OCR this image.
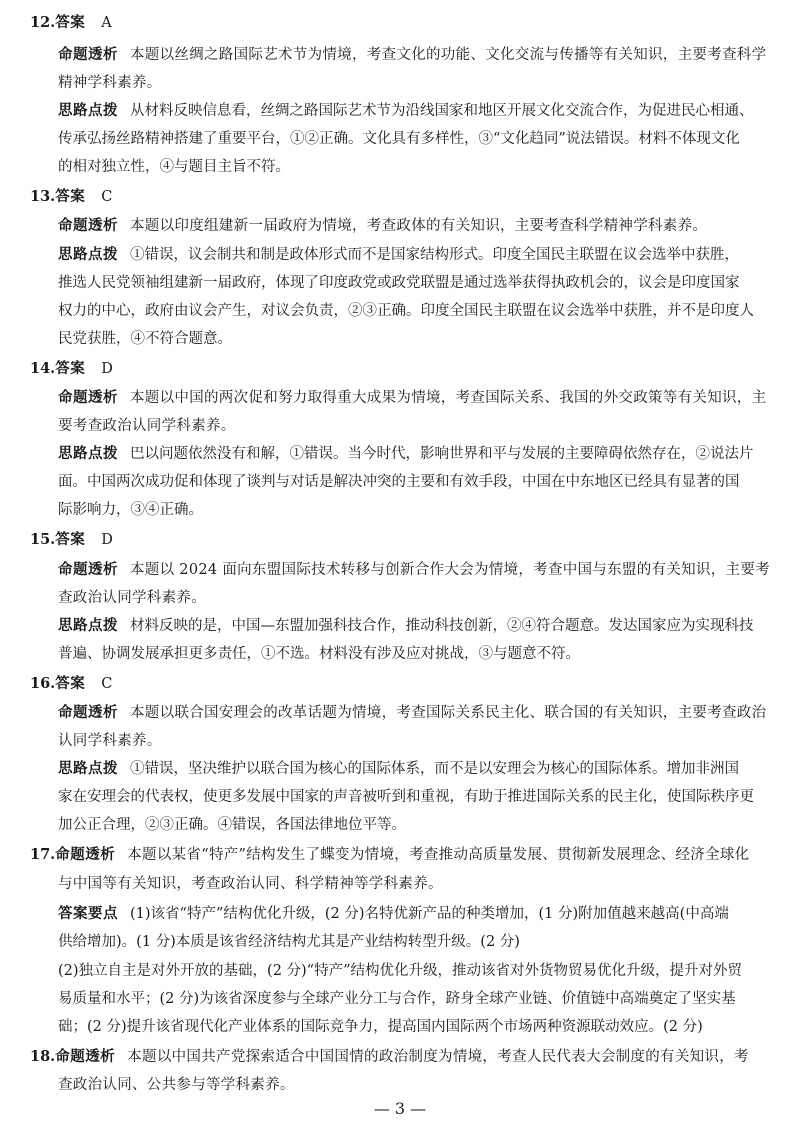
12.答案 A

命题透析 本题以丝绸之路国际艺术节为情境，考查文化的功能、文化交流与传播等有关知识，主要考查科学

精神学科素养。

思路点拨 从材料反映信息看，丝绸之路国际艺术节为沿线国家和地区开展文化交流合作，为促进民心相通、

传承弘扬丝路精神搭建了重要平台，①②正确。文化具有多样性，③“文化趋同”说法错误。材料不体现文化

的相对独立性，④与题目主旨不符。

13.答案 C

命题透析 本题以印度组建新一届政府为情境，考查政体的有关知识，主要考查科学精神学科素养。

思路点拨 ①错误，议会制共和制是政体形式而不是国家结构形式。印度全国民主联盟在议会选举中获胜，

推选人民党领袖组建新一届政府，体现了印度政党或政党联盟是通过选举获得执政机会的，议会是印度国家

权力的中心，政府由议会产生，对议会负责，②③正确。印度全国民主联盟在议会选举中获胜，并不是印度人

民党获胜，④不符合题意。

14.答案 D

命题透析 本题以中国的两次促和努力取得重大成果为情境，考查国际关系、我国的外交政策等有关知识，主

要考查政治认同学科素养。

思路点拨 巴以问题依然没有和解，①错误。当今时代，影响世界和平与发展的主要障碍依然存在，②说法片

面。中国两次成功促和体现了谈判与对话是解决冲突的主要和有效手段，中国在中东地区已经具有显著的国

际影响力，③④正确。

15.答案 D

命题透析 本题以 2024 面向东盟国际技术转移与创新合作大会为情境，考查中国与东盟的有关知识，主要考

查政治认同学科素养。

思路点拨 材料反映的是，中国—东盟加强科技合作，推动科技创新，②④符合题意。发达国家应为实现科技

普遍、协调发展承担更多责任，①不选。材料没有涉及应对挑战，③与题意不符。

16.答案 C

命题透析 本题以联合国安理会的改革话题为情境，考查国际关系民主化、联合国的有关知识，主要考查政治

认同学科素养。

思路点拨 ①错误，坚决维护以联合国为核心的国际体系，而不是以安理会为核心的国际体系。增加非洲国

家在安理会的代表权，使更多发展中国家的声音被听到和重视，有助于推进国际关系的民主化，使国际秩序更

加公正合理，②③正确。④错误，各国法律地位平等。

17.命题透析 本题以某省“特产”结构发生了蝶变为情境，考查推动高质量发展、贯彻新发展理念、经济全球化

与中国等有关知识，考查政治认同、科学精神等学科素养。

答案要点 (1)该省“特产”结构优化升级，(2 分)名特优新产品的种类增加，(1 分)附加值越来越高(中高端

供给增加)。(1 分)本质是该省经济结构尤其是产业结构转型升级。(2 分)

(2)独立自主是对外开放的基础，(2 分)“特产”结构优化升级，推动该省对外货物贸易优化升级，提升对外贸

易质量和水平；(2 分)为该省深度参与全球产业分工与合作，跻身全球产业链、价值链中高端奠定了坚实基

础；(2 分)提升该省现代化产业体系的国际竞争力，提高国内国际两个市场两种资源联动效应。(2 分)

18.命题透析 本题以中国共产党探索适合中国国情的政治制度为情境，考查人民代表大会制度的有关知识，考

查政治认同、公共参与等学科素养。

— 3 —
